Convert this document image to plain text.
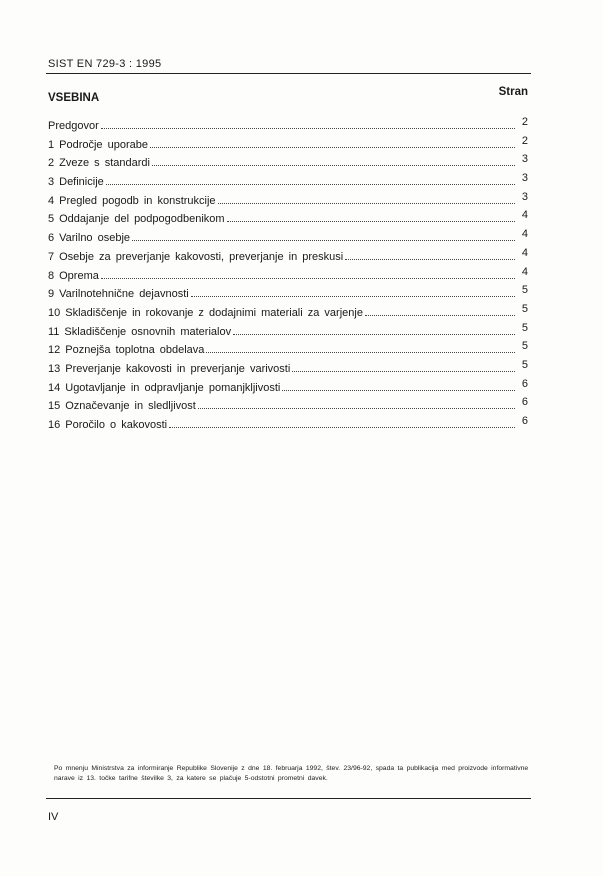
SIST EN 729-3 : 1995
VSEBINA	Stran
Predgovor	2
1 Področje uporabe	2
2 Zveze s standardi	3
3 Definicije	3
4 Pregled pogodb in konstrukcije	3
5 Oddajanje del podpogodbenikom	4
6 Varilno osebje	4
7 Osebje za preverjanje kakovosti, preverjanje in preskusi	4
8 Oprema	4
9 Varilnotehnične dejavnosti	5
10 Skladiščenje in rokovanje z dodajnimi materiali za varjenje	5
11 Skladiščenje osnovnih materialov	5
12 Poznejša toplotna obdelava	5
13 Preverjanje kakovosti in preverjanje varivosti	5
14 Ugotavljanje in odpravljanje pomanjkljivosti	6
15 Označevanje in sledljivost	6
16 Poročilo o kakovosti	6
Po mnenju Ministrstva za informiranje Republike Slovenije z dne 18. februarja 1992, štev. 23/96-92, spada ta publikacija med proizvode informativne narave iz 13. točke tarifne številke 3, za katere se plačuje 5-odstotni prometni davek.
IV
